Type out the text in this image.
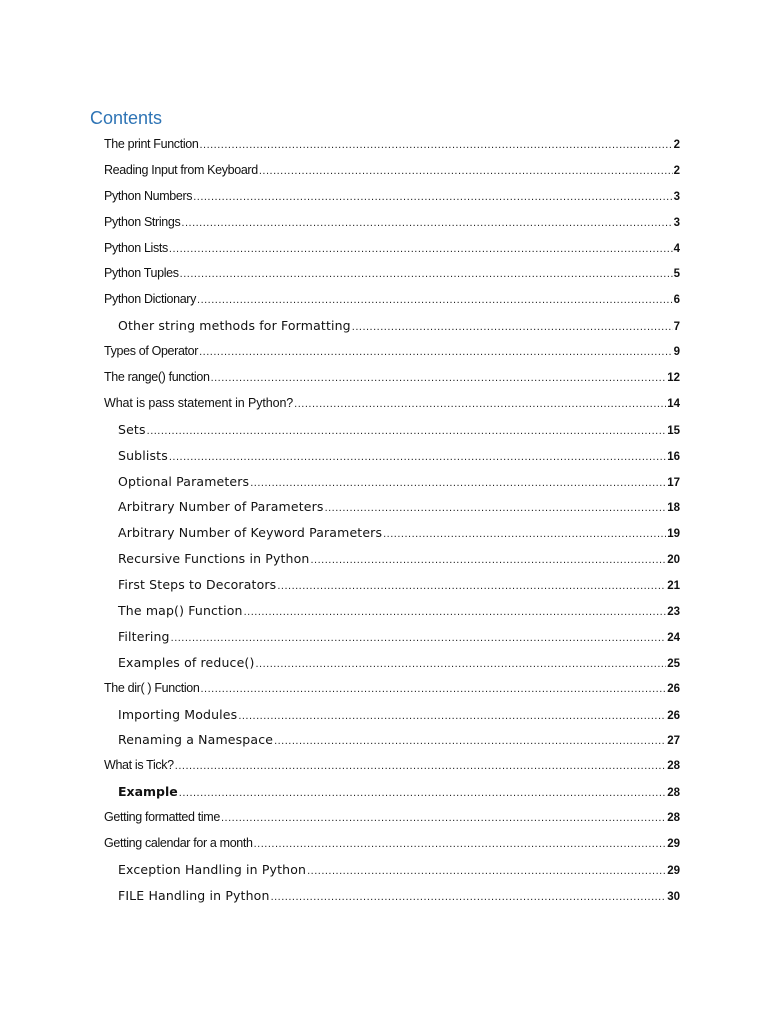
Contents
The print Function .....	2
Reading Input from Keyboard .....	2
Python Numbers .....	3
Python Strings .....	3
Python Lists .....	4
Python Tuples .....	5
Python Dictionary .....	6
Other string methods for Formatting .....	7
Types of Operator .....	9
The range() function .....	12
What is pass statement in Python? .....	14
Sets .....	15
Sublists .....	16
Optional Parameters .....	17
Arbitrary Number of Parameters .....	18
Arbitrary Number of Keyword Parameters .....	19
Recursive Functions in Python .....	20
First Steps to Decorators .....	21
The map() Function .....	23
Filtering .....	24
Examples of reduce() .....	25
The dir( ) Function .....	26
Importing Modules .....	26
Renaming a Namespace .....	27
What is Tick? .....	28
Example .....	28
Getting formatted time .....	28
Getting calendar for a month .....	29
Exception Handling in Python .....	29
FILE Handling in Python .....	30
